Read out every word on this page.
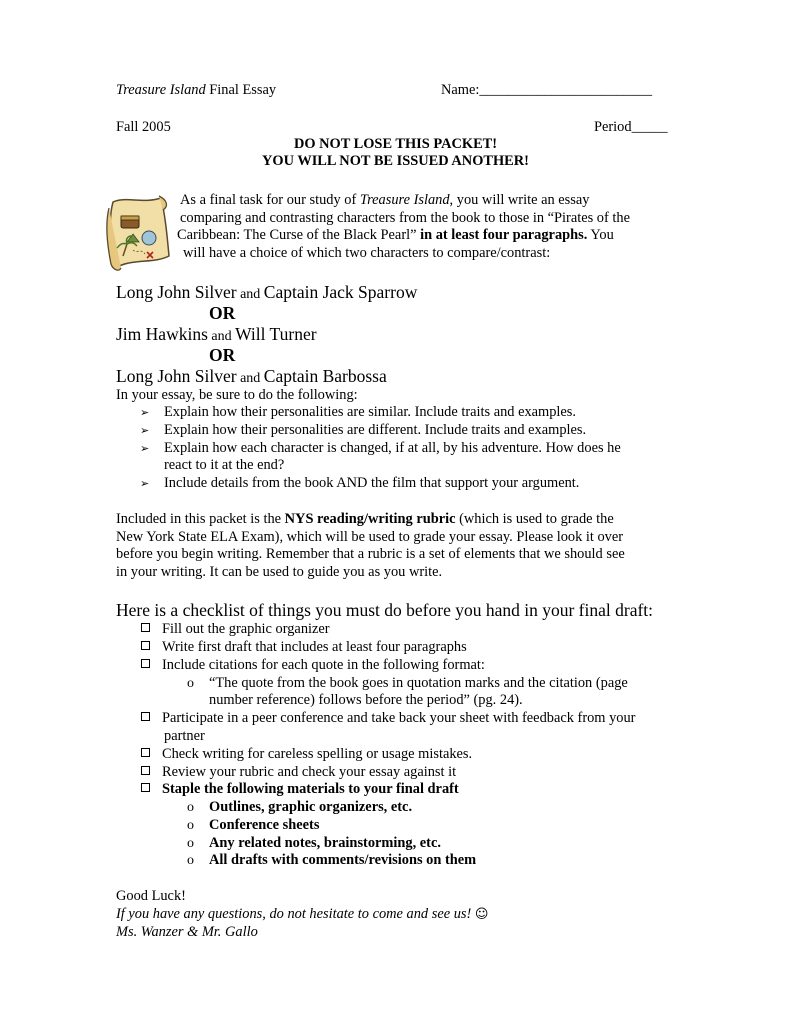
Treasure Island Final Essay	Name:________________________
Fall 2005	Period_____
DO NOT LOSE THIS PACKET!
YOU WILL NOT BE ISSUED ANOTHER!
As a final task for our study of Treasure Island, you will write an essay
comparing and contrasting characters from the book to those in “Pirates of the
Caribbean: The Curse of the Black Pearl” in at least four paragraphs. You
will have a choice of which two characters to compare/contrast:
Long John Silver and Captain Jack Sparrow
OR
Jim Hawkins and Will Turner
OR
Long John Silver and Captain Barbossa
In your essay, be sure to do the following:
➢ Explain how their personalities are similar. Include traits and examples.
➢ Explain how their personalities are different. Include traits and examples.
➢ Explain how each character is changed, if at all, by his adventure. How does he
react to it at the end?
➢ Include details from the book AND the film that support your argument.
Included in this packet is the NYS reading/writing rubric (which is used to grade the
New York State ELA Exam), which will be used to grade your essay. Please look it over
before you begin writing. Remember that a rubric is a set of elements that we should see
in your writing. It can be used to guide you as you write.
Here is a checklist of things you must do before you hand in your final draft:
Fill out the graphic organizer
Write first draft that includes at least four paragraphs
Include citations for each quote in the following format:
o “The quote from the book goes in quotation marks and the citation (page
number reference) follows before the period” (pg. 24).
Participate in a peer conference and take back your sheet with feedback from your
partner
Check writing for careless spelling or usage mistakes.
Review your rubric and check your essay against it
Staple the following materials to your final draft
o Outlines, graphic organizers, etc.
o Conference sheets
o Any related notes, brainstorming, etc.
o All drafts with comments/revisions on them
Good Luck!
If you have any questions, do not hesitate to come and see us! ☺
Ms. Wanzer & Mr. Gallo
